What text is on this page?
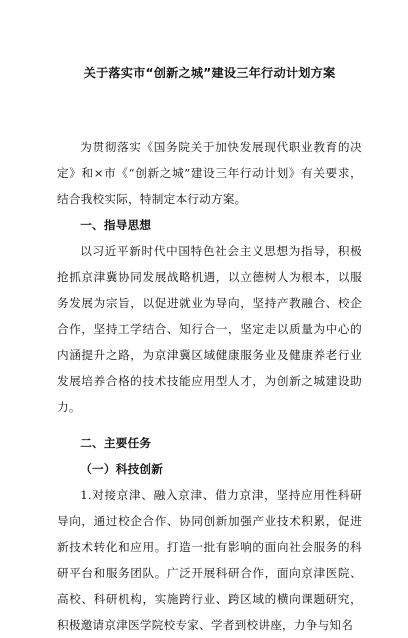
关于落实市“创新之城”建设三年行动计划方案

为贯彻落实《国务院关于加快发展现代职业教育的决定》和×市《“创新之城”建设三年行动计划》有关要求，结合我校实际，特制定本行动方案。

一、指导思想

以习近平新时代中国特色社会主义思想为指导，积极抢抓京津冀协同发展战略机遇，以立德树人为根本，以服务发展为宗旨，以促进就业为导向，坚持产教融合、校企合作，坚持工学结合、知行合一，坚定走以质量为中心的内涵提升之路，为京津冀区域健康服务业及健康养老行业发展培养合格的技术技能应用型人才，为创新之城建设助力。

二、主要任务
（一）科技创新

1.对接京津、融入京津、借力京津，坚持应用性科研导向，通过校企合作、协同创新加强产业技术积累，促进新技术转化和应用。打造一批有影响的面向社会服务的科研平台和服务团队。广泛开展科研合作，面向京津医院、高校、科研机构，实施跨行业、跨区域的横向课题研究，积极邀请京津医学院校专家、学者到校讲座，力争与知名
